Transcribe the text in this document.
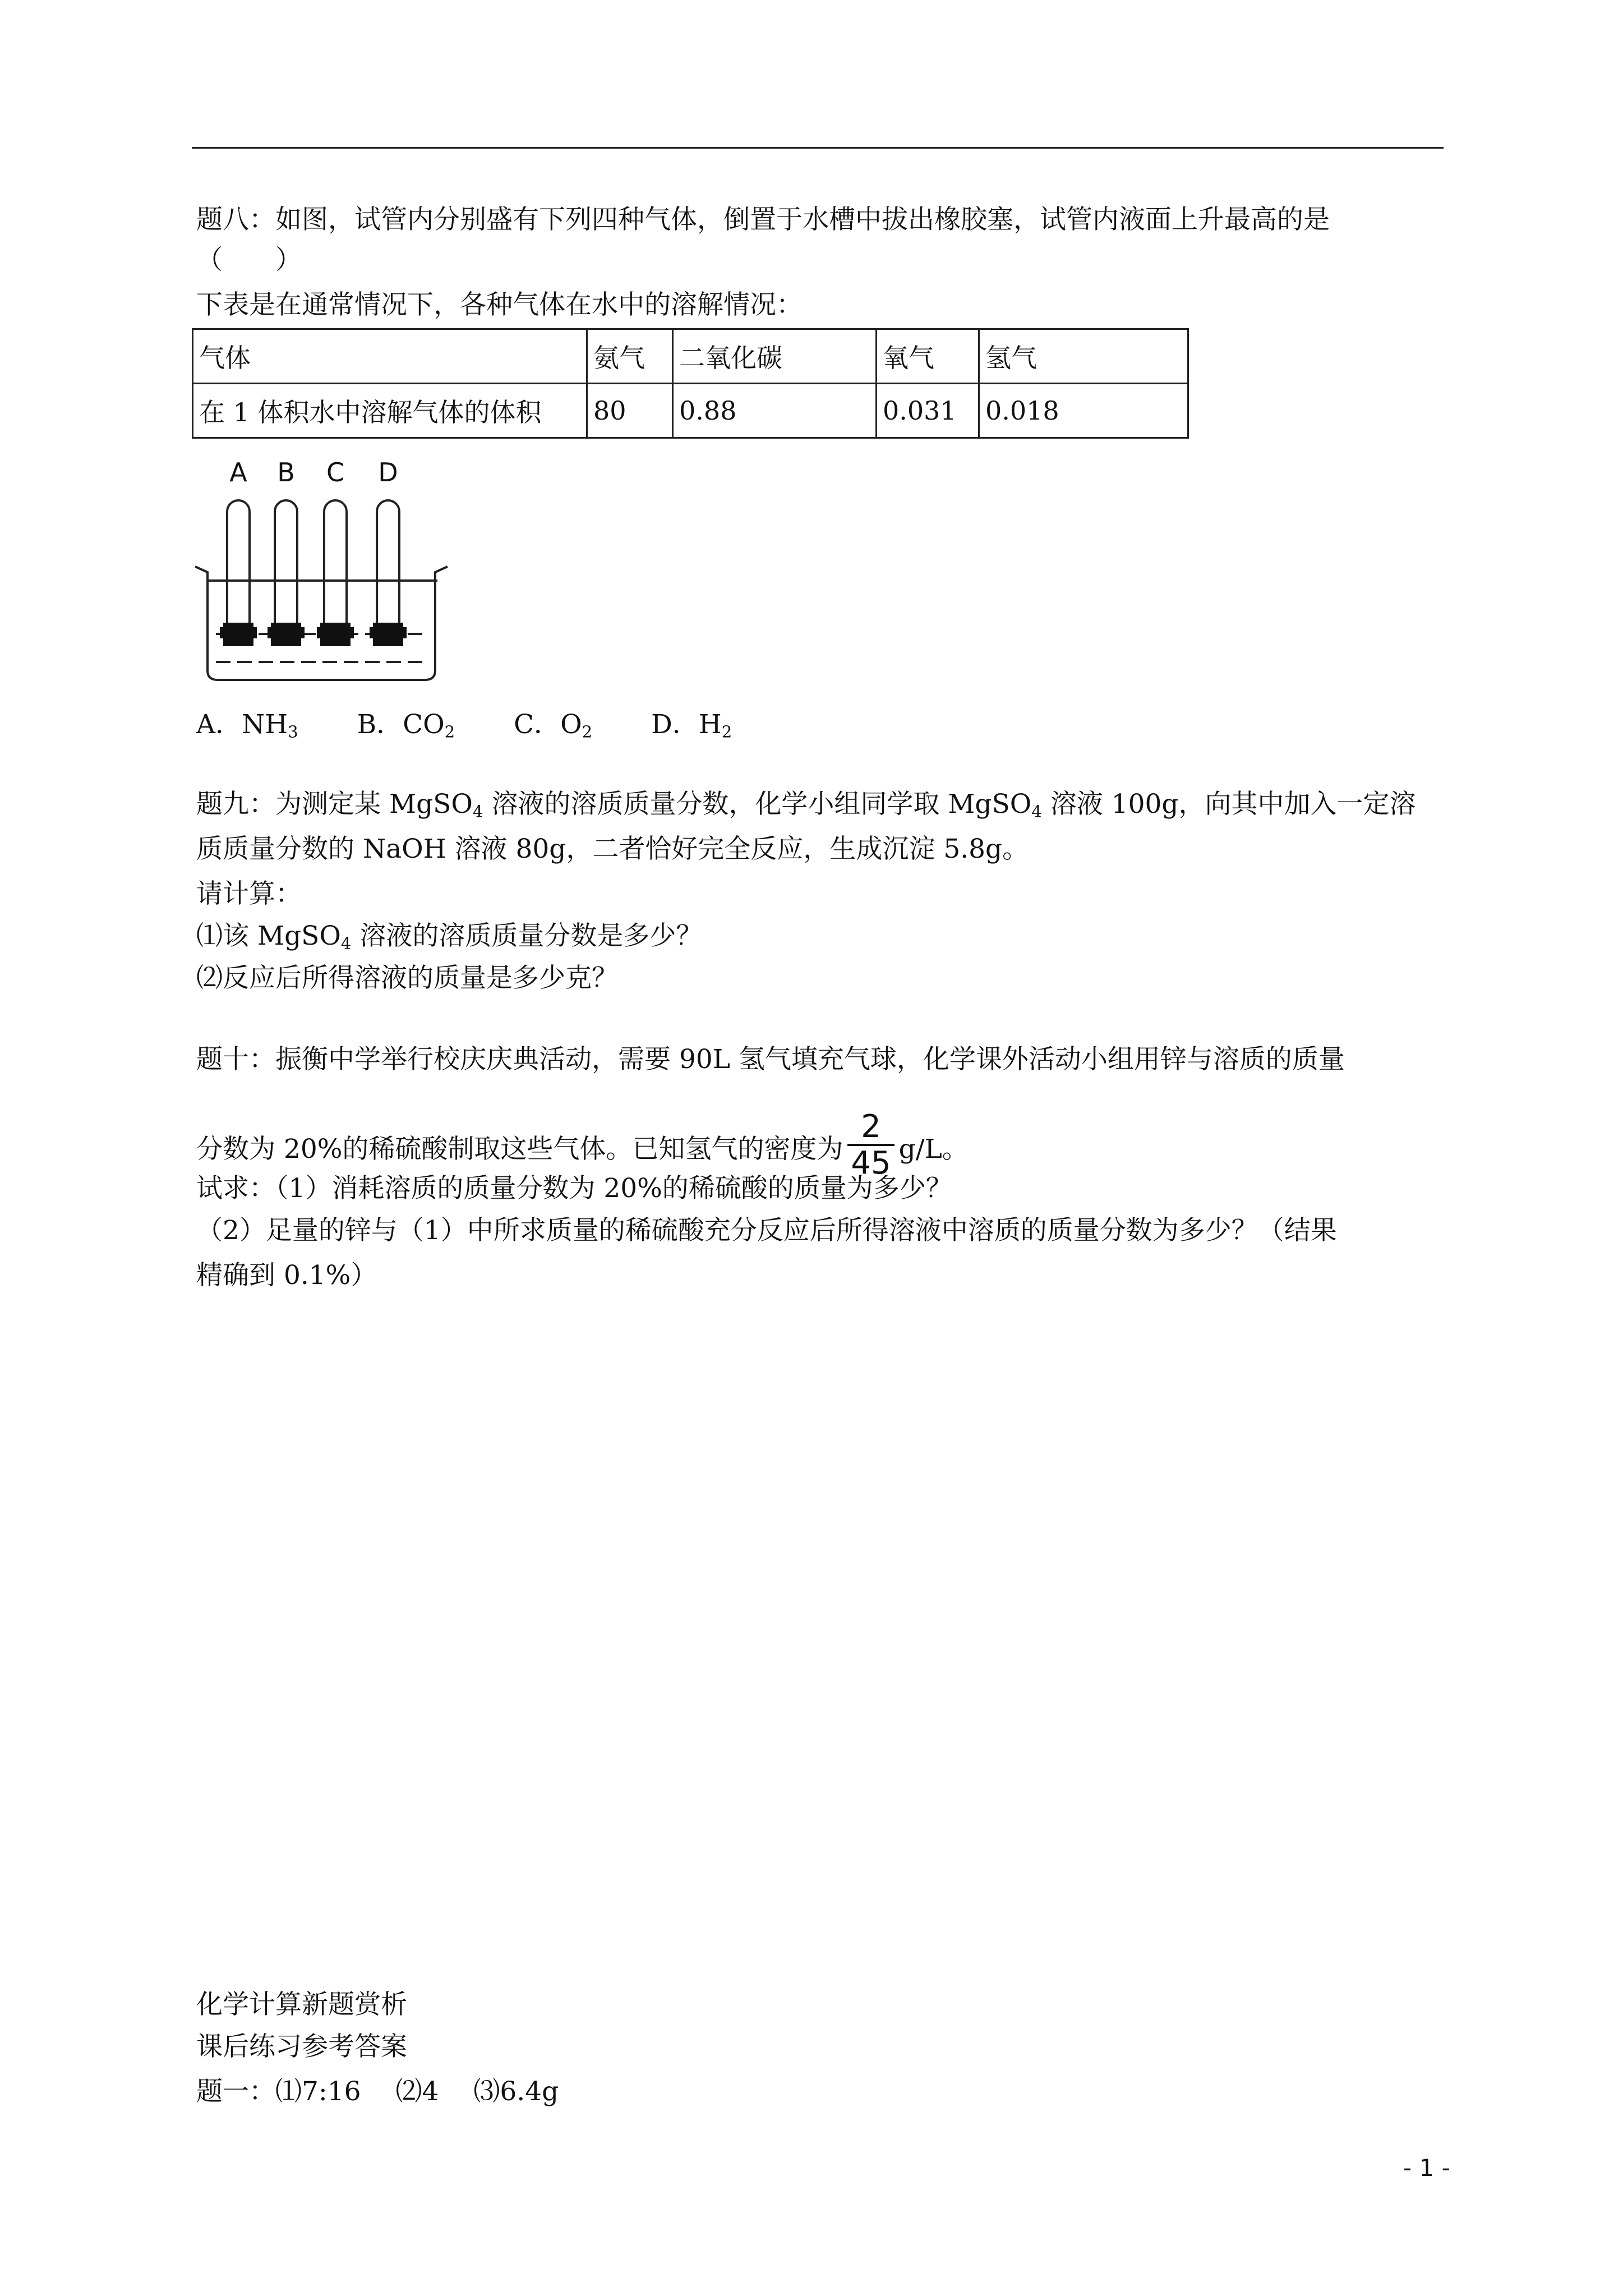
题八：如图，试管内分别盛有下列四种气体，倒置于水槽中拔出橡胶塞，试管内液面上升最高的是
（　　）
下表是在通常情况下，各种气体在水中的溶解情况：
气体	氨气	二氧化碳	氧气	氢气
在 1 体积水中溶解气体的体积	80	0.88	0.031	0.018
A B C D
A．$NH_3$ B．$CO_2$ C．$O_2$ D．$H_2$
题九：为测定某 MgSO$_4$ 溶液的溶质质量分数，化学小组同学取 MgSO$_4$ 溶液 100g，向其中加入一定溶
质质量分数的 NaOH 溶液 80g，二者恰好完全反应，生成沉淀 5.8g。
请计算：
⑴该 MgSO$_4$ 溶液的溶质质量分数是多少？
⑵反应后所得溶液的质量是多少克？
题十：振衡中学举行校庆庆典活动，需要 90L 氢气填充气球，化学课外活动小组用锌与溶质的质量
分数为 20%的稀硫酸制取这些气体。已知氢气的密度为 $\frac{2}{45} g/L$。
试求：（1）消耗溶质的质量分数为 20%的稀硫酸的质量为多少？
（2）足量的锌与（1）中所求质量的稀硫酸充分反应后所得溶液中溶质的质量分数为多少？（结果
精确到 0.1%）
化学计算新题赏析
课后练习参考答案
题一：⑴7:16　 ⑵4　 ⑶6.4g
- 1 -
